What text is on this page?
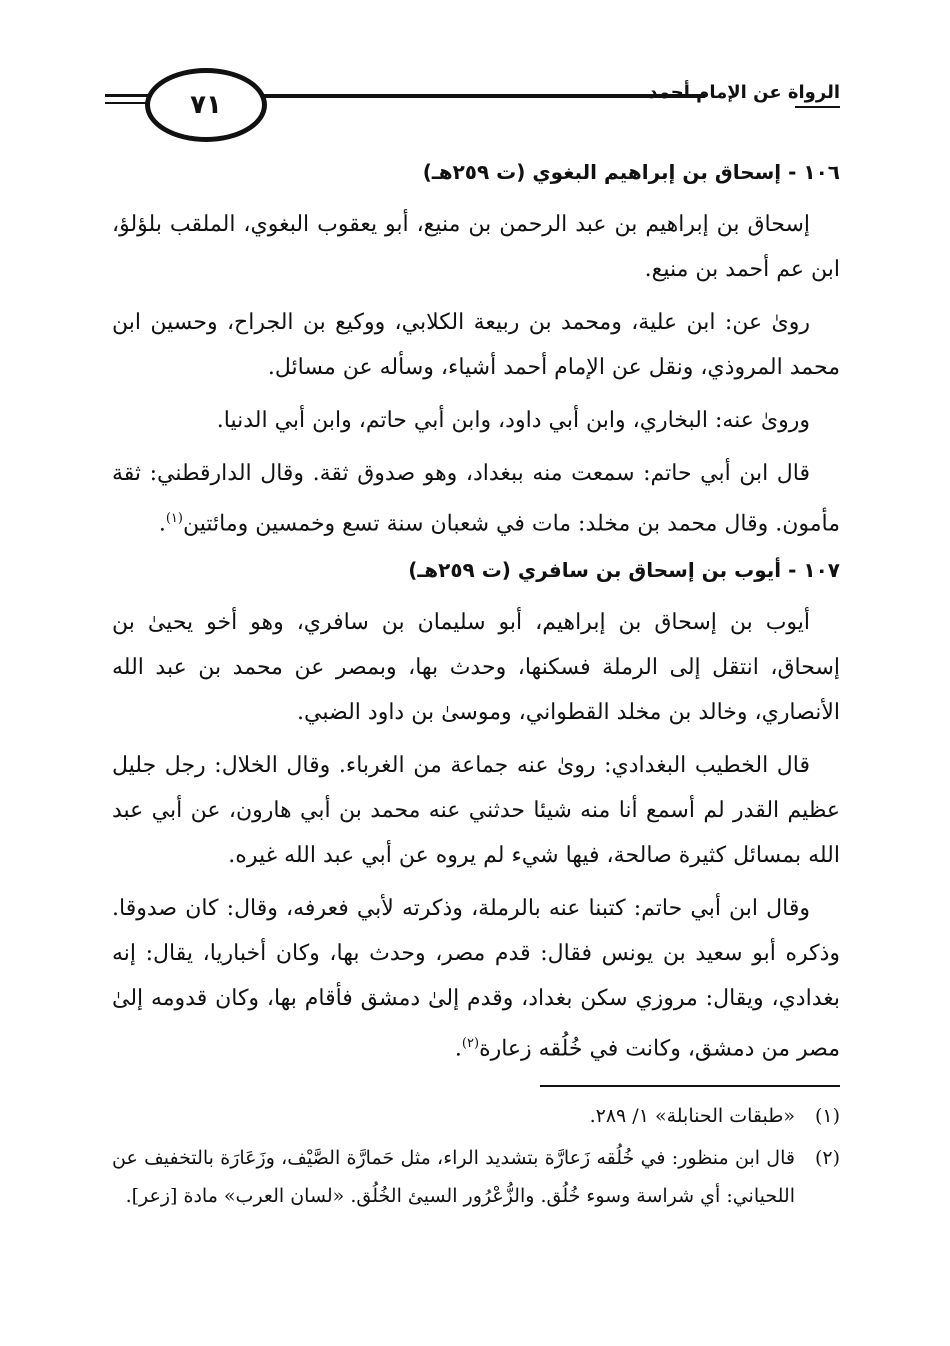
٧١	الرواة عن الإمام أحمد
١٠٦ - إسحاق بن إبراهيم البغوي (ت ٢٥٩هـ)

إسحاق بن إبراهيم بن عبد الرحمن بن منيع، أبو يعقوب البغوي، الملقب بلؤلؤ، ابن عم أحمد بن منيع.

روىٰ عن: ابن علية، ومحمد بن ربيعة الكلابي، ووكيع بن الجراح، وحسين ابن محمد المروذي، ونقل عن الإمام أحمد أشياء، وسأله عن مسائل.

وروىٰ عنه: البخاري، وابن أبي داود، وابن أبي حاتم، وابن أبي الدنيا.

قال ابن أبي حاتم: سمعت منه ببغداد، وهو صدوق ثقة. وقال الدارقطني: ثقة مأمون. وقال محمد بن مخلد: مات في شعبان سنة تسع وخمسين ومائتين$^{(١)}$.

١٠٧ - أيوب بن إسحاق بن سافري (ت ٢٥٩هـ)

أيوب بن إسحاق بن إبراهيم، أبو سليمان بن سافري، وهو أخو يحيىٰ بن إسحاق، انتقل إلى الرملة فسكنها، وحدث بها، وبمصر عن محمد بن عبد الله الأنصاري، وخالد بن مخلد القطواني، وموسىٰ بن داود الضبي.

قال الخطيب البغدادي: روىٰ عنه جماعة من الغرباء. وقال الخلال: رجل جليل عظيم القدر لم أسمع أنا منه شيئا حدثني عنه محمد بن أبي هارون، عن أبي عبد الله بمسائل كثيرة صالحة، فيها شيء لم يروه عن أبي عبد الله غيره.

وقال ابن أبي حاتم: كتبنا عنه بالرملة، وذكرته لأبي فعرفه، وقال: كان صدوقا. وذكره أبو سعيد بن يونس فقال: قدم مصر، وحدث بها، وكان أخباريا، يقال: إنه بغدادي، ويقال: مروزي سكن بغداد، وقدم إلىٰ دمشق فأقام بها، وكان قدومه إلىٰ مصر من دمشق، وكانت في خُلُقه زعارة$^{(٢)}$.

(١)
«طبقات الحنابلة» ١/ ٢٨٩.
(٢)
قال ابن منظور: في خُلُقه زَعارَّة بتشديد الراء، مثل حَمارَّة الصَّيْف، وزَعَارَة بالتخفيف عن اللحياني: أي شراسة وسوء خُلُق. والزُّعْرُور السيئ الخُلُق. «لسان العرب» مادة [زعر].
